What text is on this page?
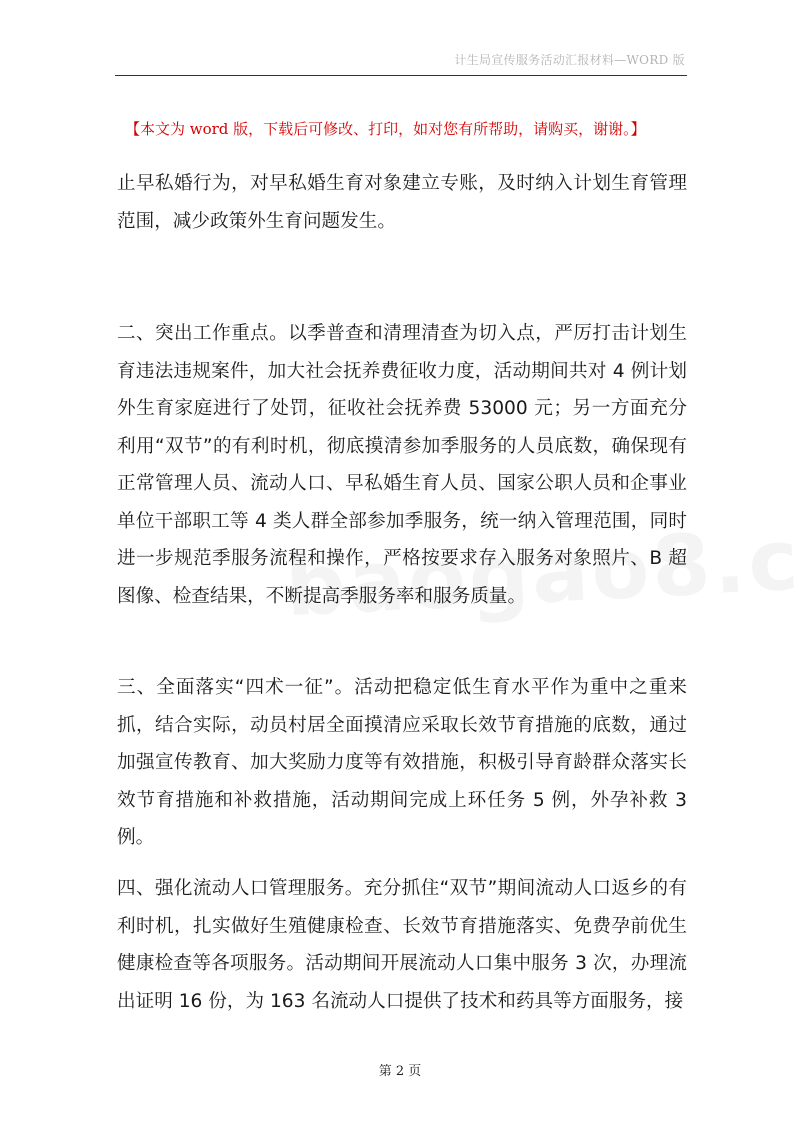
计生局宣传服务活动汇报材料—WORD 版
【本文为 word 版，下载后可修改、打印，如对您有所帮助，请购买，谢谢。】

止早私婚行为，对早私婚生育对象建立专账，及时纳入计划生育管理范围，减少政策外生育问题发生。

二、突出工作重点。以季普查和清理清查为切入点，严厉打击计划生育违法违规案件，加大社会抚养费征收力度，活动期间共对 4 例计划外生育家庭进行了处罚，征收社会抚养费 53000 元；另一方面充分利用“双节”的有利时机，彻底摸清参加季服务的人员底数，确保现有正常管理人员、流动人口、早私婚生育人员、国家公职人员和企事业单位干部职工等 4 类人群全部参加季服务，统一纳入管理范围，同时进一步规范季服务流程和操作，严格按要求存入服务对象照片、B 超图像、检查结果，不断提高季服务率和服务质量。

三、全面落实“四术一征”。活动把稳定低生育水平作为重中之重来抓，结合实际，动员村居全面摸清应采取长效节育措施的底数，通过加强宣传教育、加大奖励力度等有效措施，积极引导育龄群众落实长效节育措施和补救措施，活动期间完成上环任务 5 例，外孕补救 3 例。

四、强化流动人口管理服务。充分抓住“双节”期间流动人口返乡的有利时机，扎实做好生殖健康检查、长效节育措施落实、免费孕前优生健康检查等各项服务。活动期间开展流动人口集中服务 3 次，办理流出证明 16 份，为 163 名流动人口提供了技术和药具等方面服务，接

第 2 页
